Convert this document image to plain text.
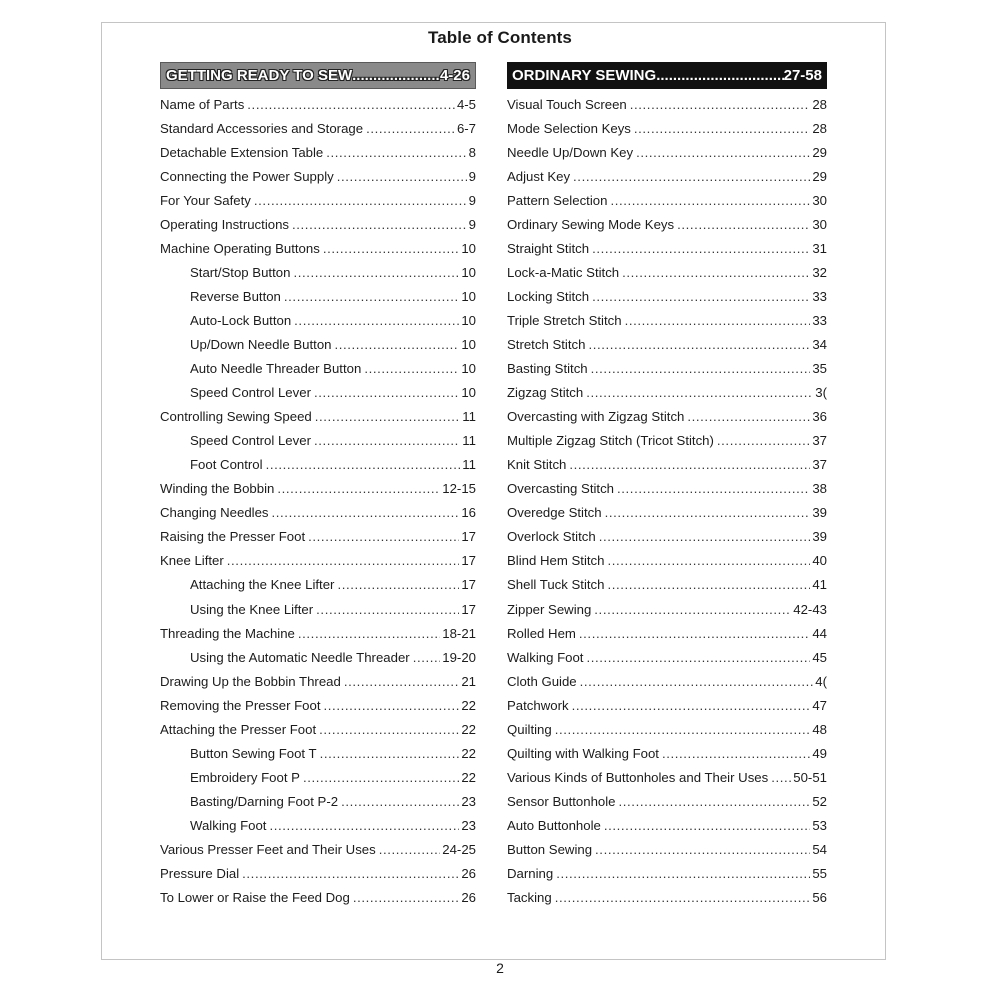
Table of Contents
GETTING READY TO SEW .....	4-26
Name of Parts .....	4-5
Standard Accessories and Storage .....	6-7
Detachable Extension Table .....	8
Connecting the Power Supply .....	9
For Your Safety .....	9
Operating Instructions .....	9
Machine Operating Buttons .....	10
Start/Stop Button .....	10
Reverse Button .....	10
Auto-Lock Button .....	10
Up/Down Needle Button .....	10
Auto Needle Threader Button .....	10
Speed Control Lever .....	10
Controlling Sewing Speed .....	11
Speed Control Lever .....	11
Foot Control .....	11
Winding the Bobbin .....	12-15
Changing Needles .....	16
Raising the Presser Foot .....	17
Knee Lifter .....	17
Attaching the Knee Lifter .....	17
Using the Knee Lifter .....	17
Threading the Machine .....	18-21
Using the Automatic Needle Threader ..... 19-20
Drawing Up the Bobbin Thread .....	21
Removing the Presser Foot .....	22
Attaching the Presser Foot .....	22
Button Sewing Foot T .....	22
Embroidery Foot P .....	22
Basting/Darning Foot P-2 .....	23
Walking Foot .....	23
Various Presser Feet and Their Uses .....	24-25
Pressure Dial .....	26
To Lower or Raise the Feed Dog .....	26
ORDINARY SEWING .....	27-58
Visual Touch Screen .....	28
Mode Selection Keys .....	28
Needle Up/Down Key .....	29
Adjust Key .....	29
Pattern Selection .....	30
Ordinary Sewing Mode Keys .....	30
Straight Stitch .....	31
Lock-a-Matic Stitch .....	32
Locking Stitch .....	33
Triple Stretch Stitch .....	33
Stretch Stitch .....	34
Basting Stitch .....	35
Zigzag Stitch .....	3(
Overcasting with Zigzag Stitch .....	36
Multiple Zigzag Stitch (Tricot Stitch) .....	37
Knit Stitch .....	37
Overcasting Stitch .....	38
Overedge Stitch .....	39
Overlock Stitch .....	39
Blind Hem Stitch .....	40
Shell Tuck Stitch .....	41
Zipper Sewing .....	42-43
Rolled Hem .....	44
Walking Foot .....	45
Cloth Guide .....	4(
Patchwork .....	47
Quilting .....	48
Quilting with Walking Foot .....	49
Various Kinds of Buttonholes and Their Uses ..... 50-51
Sensor Buttonhole .....	52
Auto Buttonhole .....	53
Button Sewing .....	54
Darning .....	55
Tacking .....	56
2
